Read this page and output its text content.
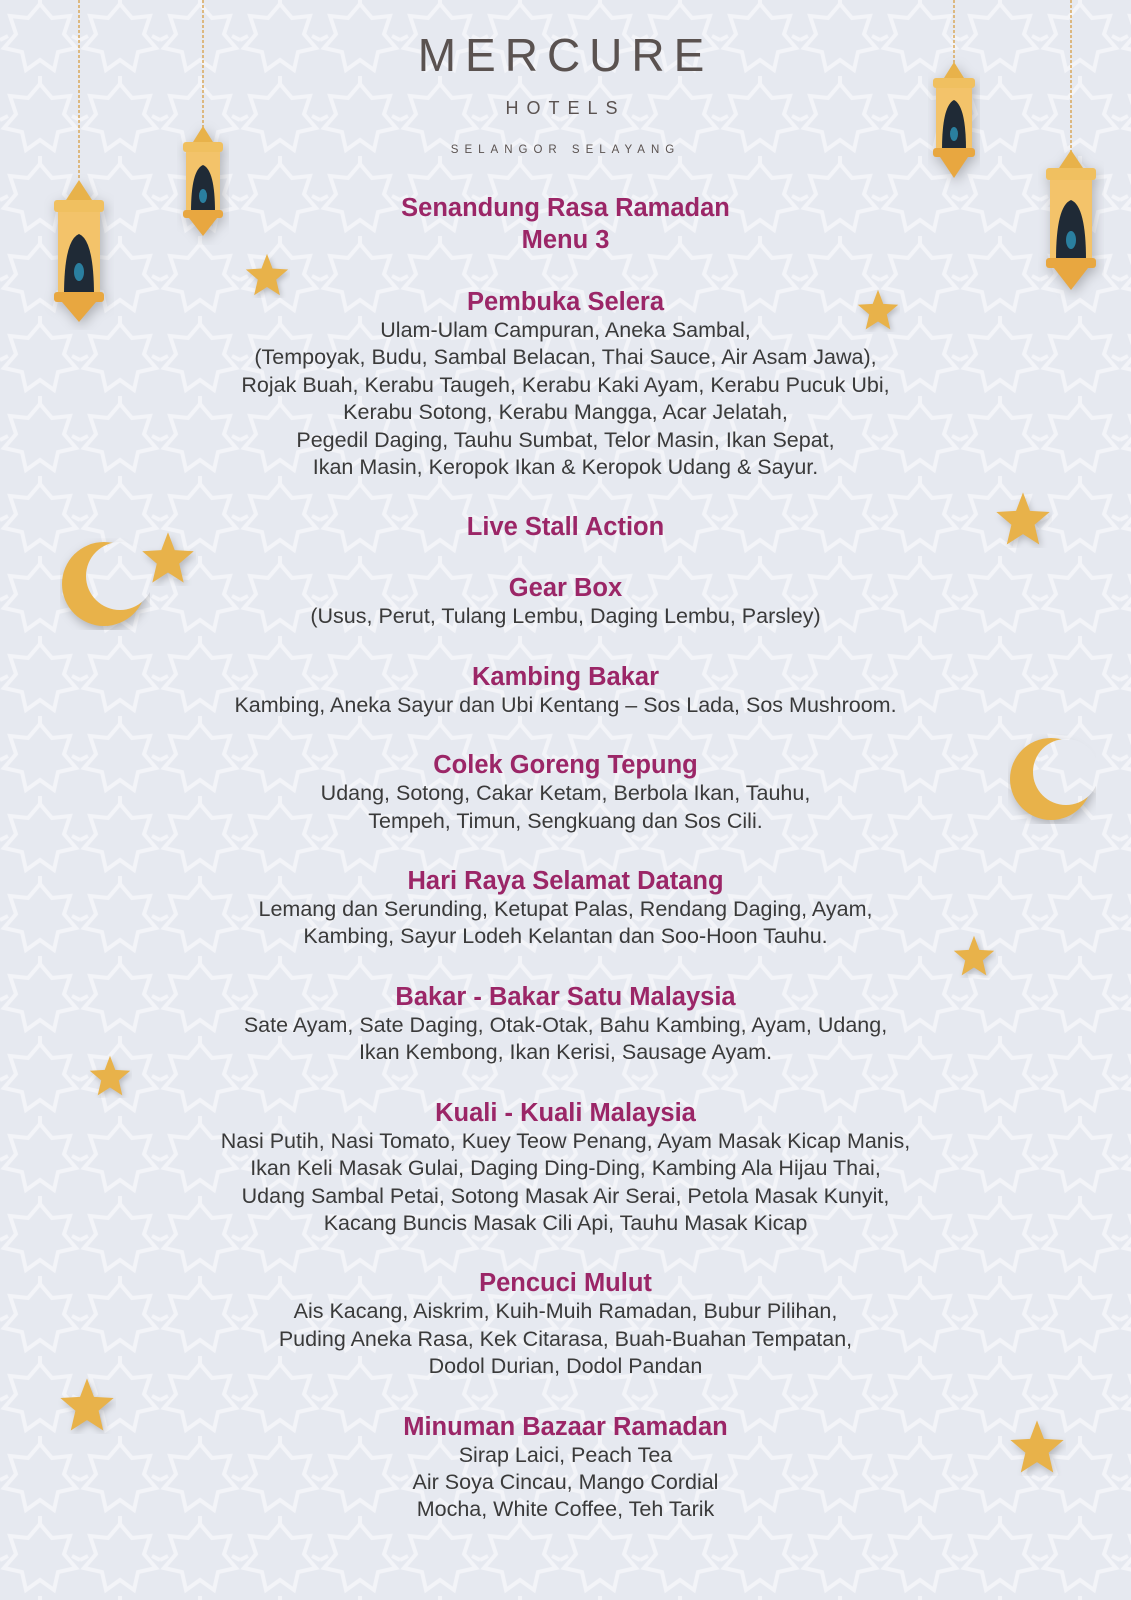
MERCURE
HOTELS
SELANGOR SELAYANG
Senandung Rasa Ramadan
Menu 3
Pembuka Selera
Ulam-Ulam Campuran, Aneka Sambal,
(Tempoyak, Budu, Sambal Belacan, Thai Sauce, Air Asam Jawa),
Rojak Buah, Kerabu Taugeh, Kerabu Kaki Ayam, Kerabu Pucuk Ubi,
Kerabu Sotong, Kerabu Mangga, Acar Jelatah,
Pegedil Daging, Tauhu Sumbat, Telor Masin, Ikan Sepat,
Ikan Masin, Keropok Ikan & Keropok Udang & Sayur.
Live Stall Action
Gear Box
(Usus, Perut, Tulang Lembu, Daging Lembu, Parsley)
Kambing Bakar
Kambing, Aneka Sayur dan Ubi Kentang – Sos Lada, Sos Mushroom.
Colek Goreng Tepung
Udang, Sotong, Cakar Ketam, Berbola Ikan, Tauhu,
Tempeh, Timun, Sengkuang dan Sos Cili.
Hari Raya Selamat Datang
Lemang dan Serunding, Ketupat Palas, Rendang Daging, Ayam,
Kambing, Sayur Lodeh Kelantan dan Soo-Hoon Tauhu.
Bakar - Bakar Satu Malaysia
Sate Ayam, Sate Daging, Otak-Otak, Bahu Kambing, Ayam, Udang,
Ikan Kembong, Ikan Kerisi, Sausage Ayam.
Kuali - Kuali Malaysia
Nasi Putih, Nasi Tomato, Kuey Teow Penang, Ayam Masak Kicap Manis,
Ikan Keli Masak Gulai, Daging Ding-Ding, Kambing Ala Hijau Thai,
Udang Sambal Petai, Sotong Masak Air Serai, Petola Masak Kunyit,
Kacang Buncis Masak Cili Api, Tauhu Masak Kicap
Pencuci Mulut
Ais Kacang, Aiskrim, Kuih-Muih Ramadan, Bubur Pilihan,
Puding Aneka Rasa, Kek Citarasa, Buah-Buahan Tempatan,
Dodol Durian, Dodol Pandan
Minuman Bazaar Ramadan
Sirap Laici, Peach Tea
Air Soya Cincau, Mango Cordial
Mocha, White Coffee, Teh Tarik
